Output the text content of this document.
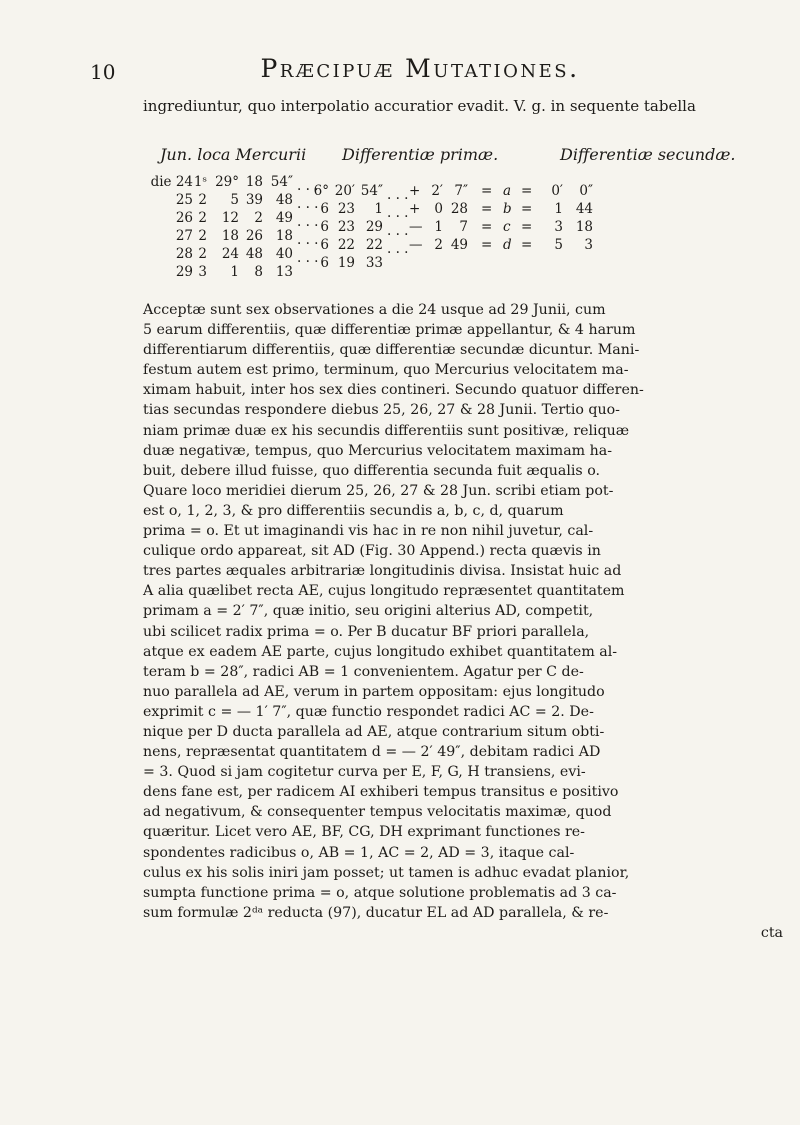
10	Præcipuæ Mutationes.

ingrediuntur, quo interpolatio accuratior evadit. V. g. in sequente tabella

Jun. loca Mercurii Differentiæ primæ.	Differentiæ secundæ.
die 24 1ˢ 29° 18 54″ . . .
25 2 5 39 48 . . .
26 2 12 2 49 . . .
27 2 18 26 18 . . .
28 2 24 48 40 . . .
29 3 1 8 13
6° 20′ 54″
6 23 1
6 23 29
6 22 22
6 19 33
. . . + 2′ 7″ = a = 0′ 0″
. . . + 0 28 = b = 1 44
. . . — 1 7 = c = 3 18
. . . — 2 49 = d = 5 3

Acceptæ sunt sex observationes a die 24 usque ad 29 Junii, cum
5 earum differentiis, quæ differentiæ primæ appellantur, & 4 harum
differentiarum differentiis, quæ differentiæ secundæ dicuntur. Mani-
festum autem est primo, terminum, quo Mercurius velocitatem ma-
ximam habuit, inter hos sex dies contineri. Secundo quatuor differen-
tias secundas respondere diebus 25, 26, 27 & 28 Junii. Tertio quo-
niam primæ duæ ex his secundis differentiis sunt positivæ, reliquæ
duæ negativæ, tempus, quo Mercurius velocitatem maximam ha-
buit, debere illud fuisse, quo differentia secunda fuit æqualis o.
Quare loco meridiei dierum 25, 26, 27 & 28 Jun. scribi etiam pot-
est o, 1, 2, 3, & pro differentiis secundis a, b, c, d, quarum
prima = o. Et ut imaginandi vis hac in re non nihil juvetur, cal-
culique ordo appareat, sit AD (Fig. 30 Append.) recta quævis in
tres partes æquales arbitrariæ longitudinis divisa. Insistat huic ad
A alia quælibet recta AE, cujus longitudo repræsentet quantitatem
primam a = 2′ 7″, quæ initio, seu origini alterius AD, competit,
ubi scilicet radix prima = o. Per B ducatur BF priori parallela,
atque ex eadem AE parte, cujus longitudo exhibet quantitatem al-
teram b = 28″, radici AB = 1 convenientem. Agatur per C de-
nuo parallela ad AE, verum in partem oppositam: ejus longitudo
exprimit c = — 1′ 7″, quæ functio respondet radici AC = 2. De-
nique per D ducta parallela ad AE, atque contrarium situm obti-
nens, repræsentat quantitatem d = — 2′ 49″, debitam radici AD
= 3. Quod si jam cogitetur curva per E, F, G, H transiens, evi-
dens fane est, per radicem AI exhiberi tempus transitus e positivo
ad negativum, & consequenter tempus velocitatis maximæ, quod
quæritur. Licet vero AE, BF, CG, DH exprimant functiones re-
spondentes radicibus o, AB = 1, AC = 2, AD = 3, itaque cal-
culus ex his solis iniri jam posset; ut tamen is adhuc evadat planior,
sumpta functione prima = o, atque solutione problematis ad 3 ca-
sum formulæ 2ᵈᵃ reducta (97), ducatur EL ad AD parallela, & re-

cta
